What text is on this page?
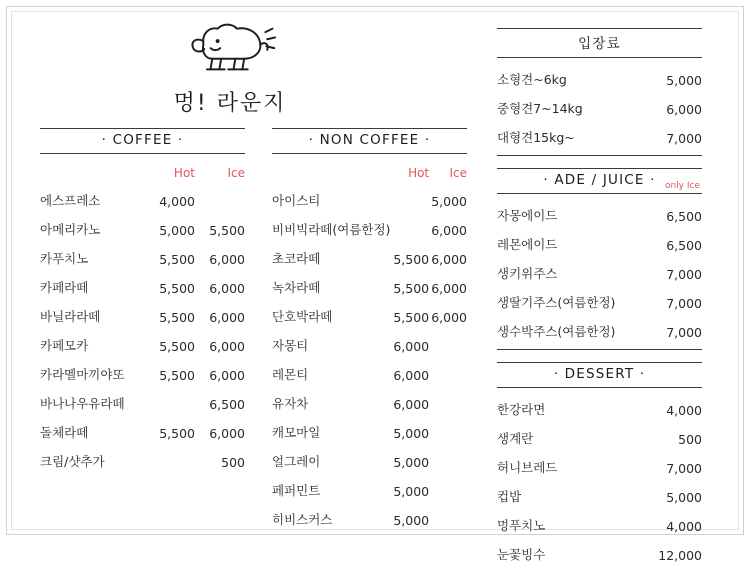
멍! 라운지
· COFFEE ·
	Hot	Ice
에스프레소	4,000	
아메리카노	5,000	5,500
카푸치노	5,500	6,000
카페라떼	5,500	6,000
바닐라라떼	5,500	6,000
카페모카	5,500	6,000
카라멜마끼야또	5,500	6,000
바나나우유라떼		6,500
돌체라떼	5,500	6,000
크림/샷추가		500
· NON COFFEE ·
	Hot	Ice
아이스티		5,000
비비빅라떼(여름한정)		6,000
초코라떼	5,500	6,000
녹차라떼	5,500	6,000
단호박라떼	5,500	6,000
자몽티	6,000	
레몬티	6,000	
유자차	6,000	
캐모마일	5,000	
얼그레이	5,000	
페퍼민트	5,000	
히비스커스	5,000	
입장료
소형견~6kg	5,000
중형견7~14kg	6,000
대형견15kg~	7,000
· ADE / JUICE · only Ice
자몽에이드	6,500
레몬에이드	6,500
생키위주스	7,000
생딸기주스(여름한정)	7,000
생수박주스(여름한정)	7,000
· DESSERT ·
한강라면	4,000
생계란	500
허니브레드	7,000
컵밥	5,000
멍푸치노	4,000
눈꽃빙수	12,000
